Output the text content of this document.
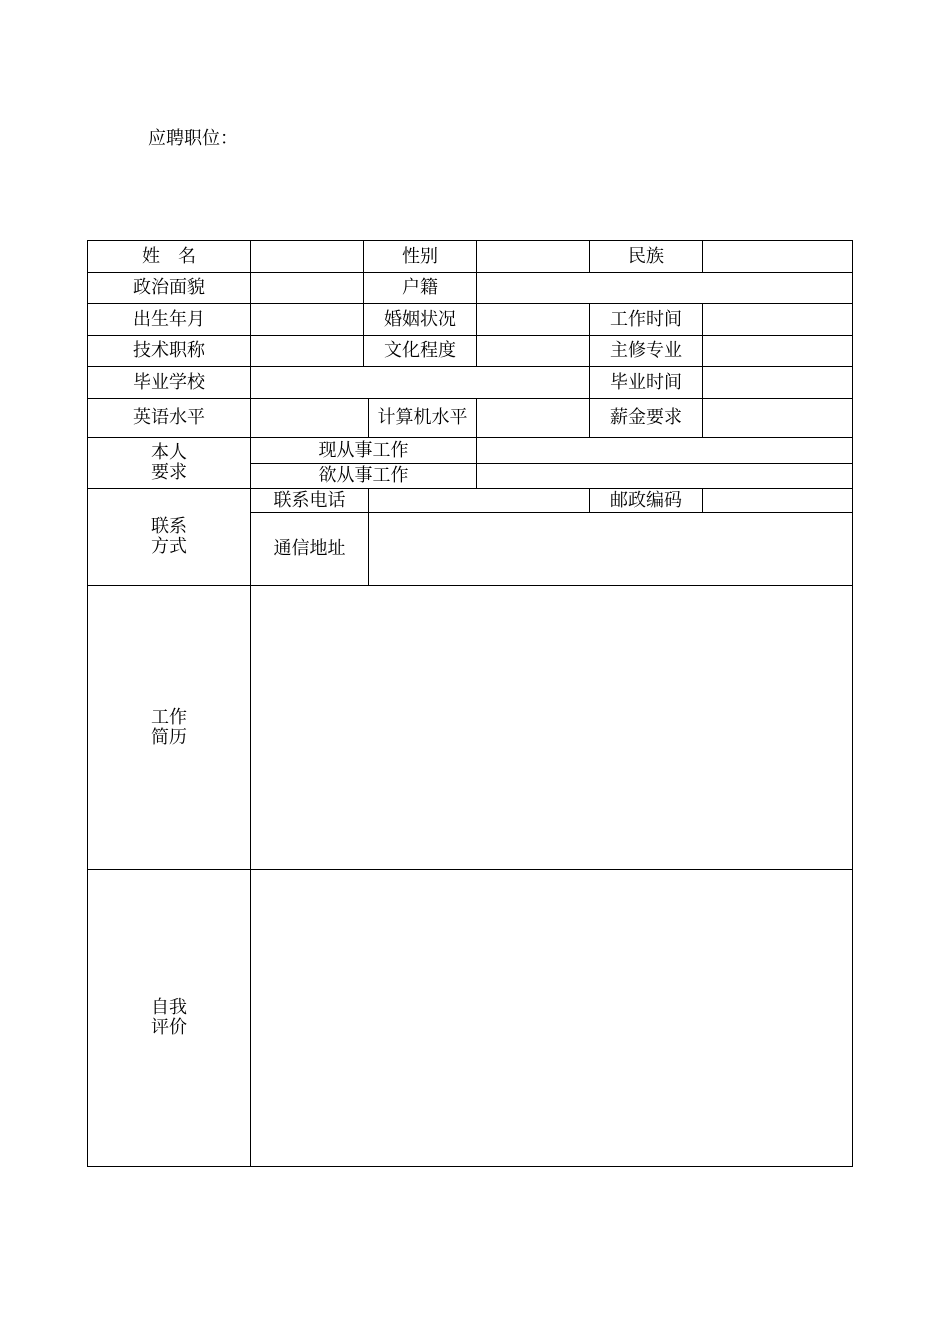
应聘职位：
姓　名		性别			民族	
政治面貌		户籍				
出生年月		婚姻状况			工作时间	
技术职称		文化程度			主修专业	
毕业学校					毕业时间	
英语水平			计算机水平		薪金要求	

本人
要求	现从事工作					
	欲从事工作					

联系
方式	联系电话				邮政编码	
	通信地址					

工作
简历						

自我
评价						
